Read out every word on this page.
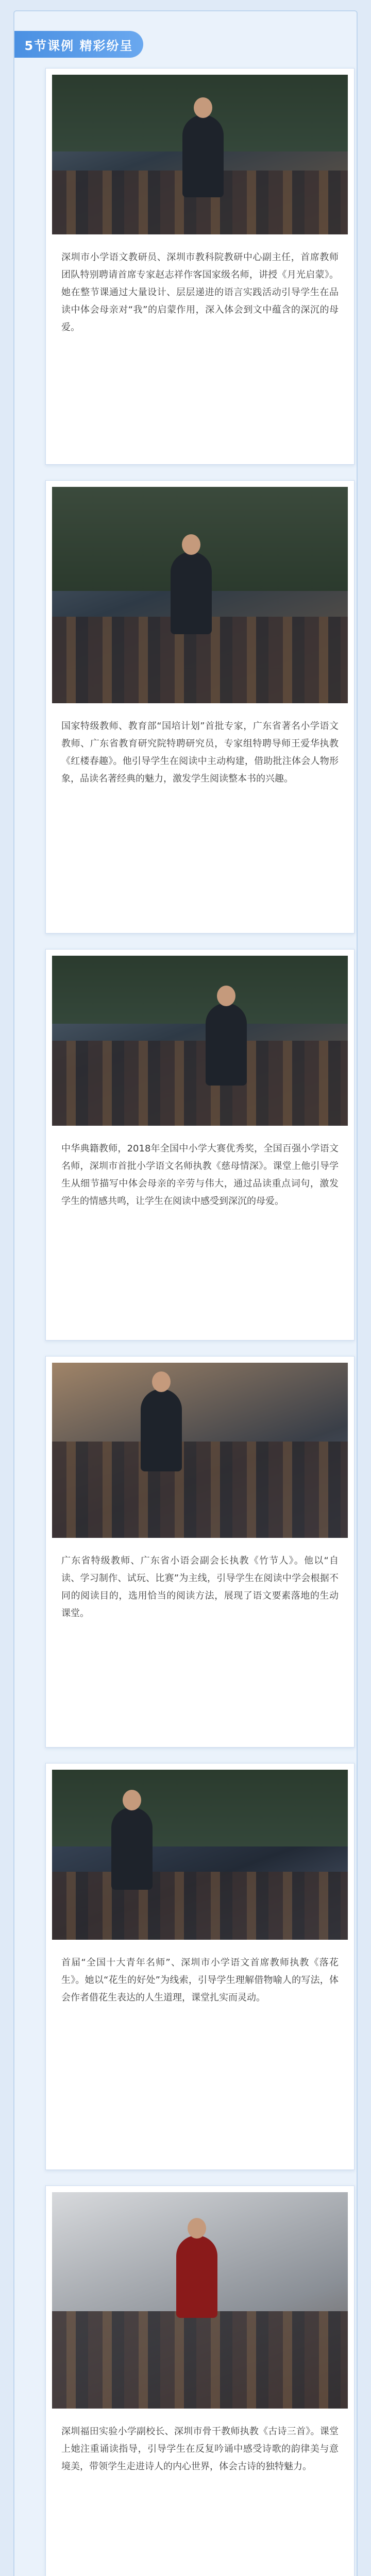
5节课例 精彩纷呈
深圳市小学语文教研员、深圳市教科院教研中心副主任，首席教师团队特别聘请首席专家赵志祥作客国家级名师，讲授《月光启蒙》。她在整节课通过大量设计、层层递进的语言实践活动引导学生在品读中体会母亲对“我”的启蒙作用，深入体会到文中蕴含的深沉的母爱。
国家特级教师、教育部“国培计划”首批专家，广东省著名小学语文教师、广东省教育研究院特聘研究员，专家组特聘导师王爱华执教《红楼春趣》。他引导学生在阅读中主动构建，借助批注体会人物形象，品读名著经典的魅力，激发学生阅读整本书的兴趣。
中华典籍教师，2018年全国中小学大赛优秀奖，全国百强小学语文名师，深圳市首批小学语文名师执教《慈母情深》。课堂上他引导学生从细节描写中体会母亲的辛劳与伟大，通过品读重点词句，激发学生的情感共鸣，让学生在阅读中感受到深沉的母爱。
广东省特级教师、广东省小语会副会长执教《竹节人》。他以“自读、学习制作、试玩、比赛”为主线，引导学生在阅读中学会根据不同的阅读目的，选用恰当的阅读方法，展现了语文要素落地的生动课堂。
首届“全国十大青年名师”、深圳市小学语文首席教师执教《落花生》。她以“花生的好处”为线索，引导学生理解借物喻人的写法，体会作者借花生表达的人生道理，课堂扎实而灵动。
深圳福田实验小学副校长、深圳市骨干教师执教《古诗三首》。课堂上她注重诵读指导，引导学生在反复吟诵中感受诗歌的韵律美与意境美，带领学生走进诗人的内心世界，体会古诗的独特魅力。
